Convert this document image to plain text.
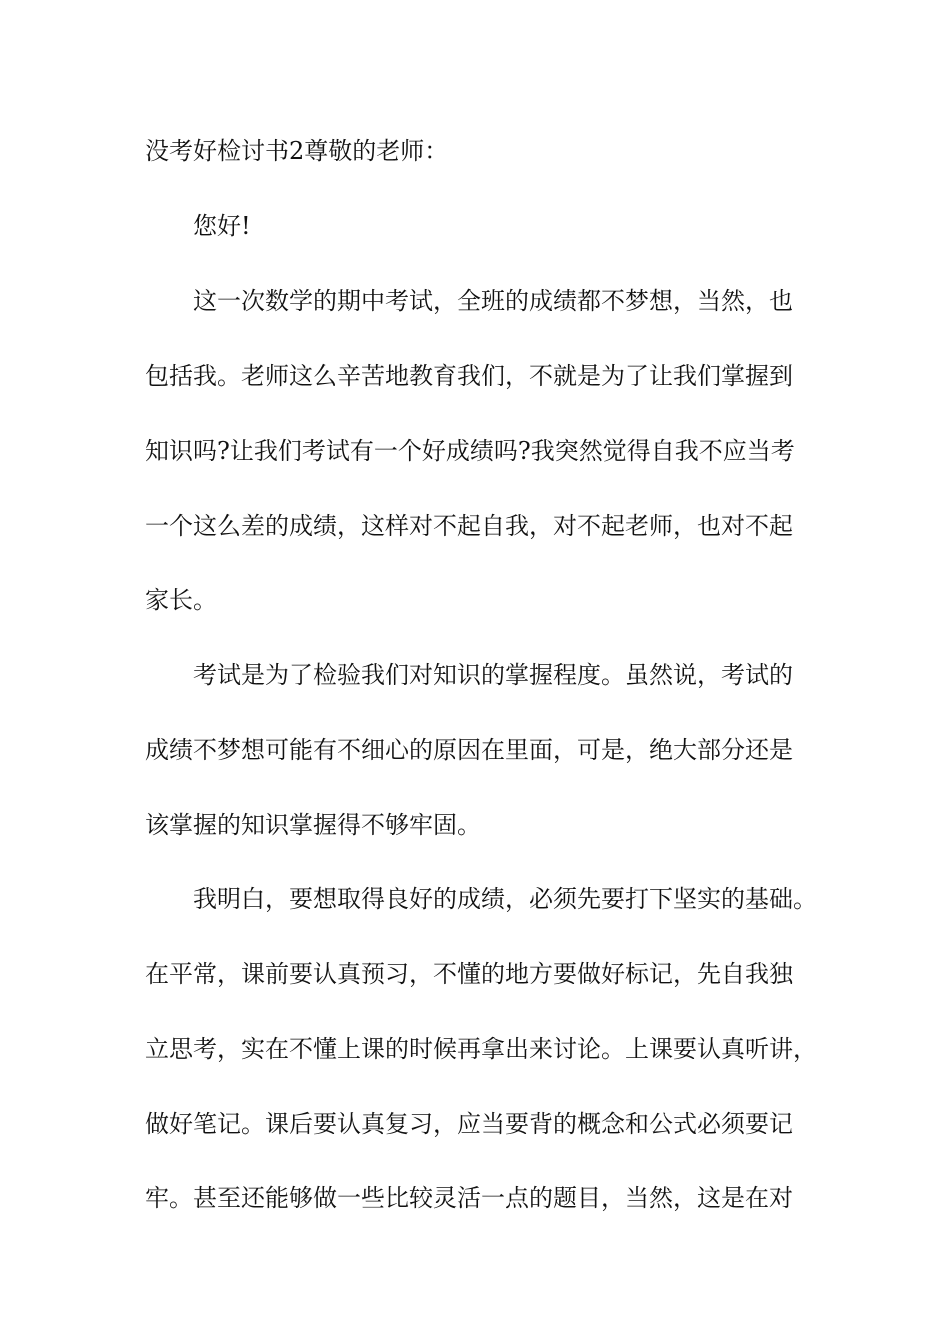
没考好检讨书2尊敬的老师：
您好!
这一次数学的期中考试，全班的成绩都不梦想，当然，也
包括我。老师这么辛苦地教育我们，不就是为了让我们掌握到
知识吗?让我们考试有一个好成绩吗?我突然觉得自我不应当考
一个这么差的成绩，这样对不起自我，对不起老师，也对不起
家长。
考试是为了检验我们对知识的掌握程度。虽然说，考试的
成绩不梦想可能有不细心的原因在里面，可是，绝大部分还是
该掌握的知识掌握得不够牢固。
我明白，要想取得良好的成绩，必须先要打下坚实的基础。
在平常，课前要认真预习，不懂的地方要做好标记，先自我独
立思考，实在不懂上课的时候再拿出来讨论。上课要认真听讲，
做好笔记。课后要认真复习，应当要背的概念和公式必须要记
牢。甚至还能够做一些比较灵活一点的题目，当然，这是在对
